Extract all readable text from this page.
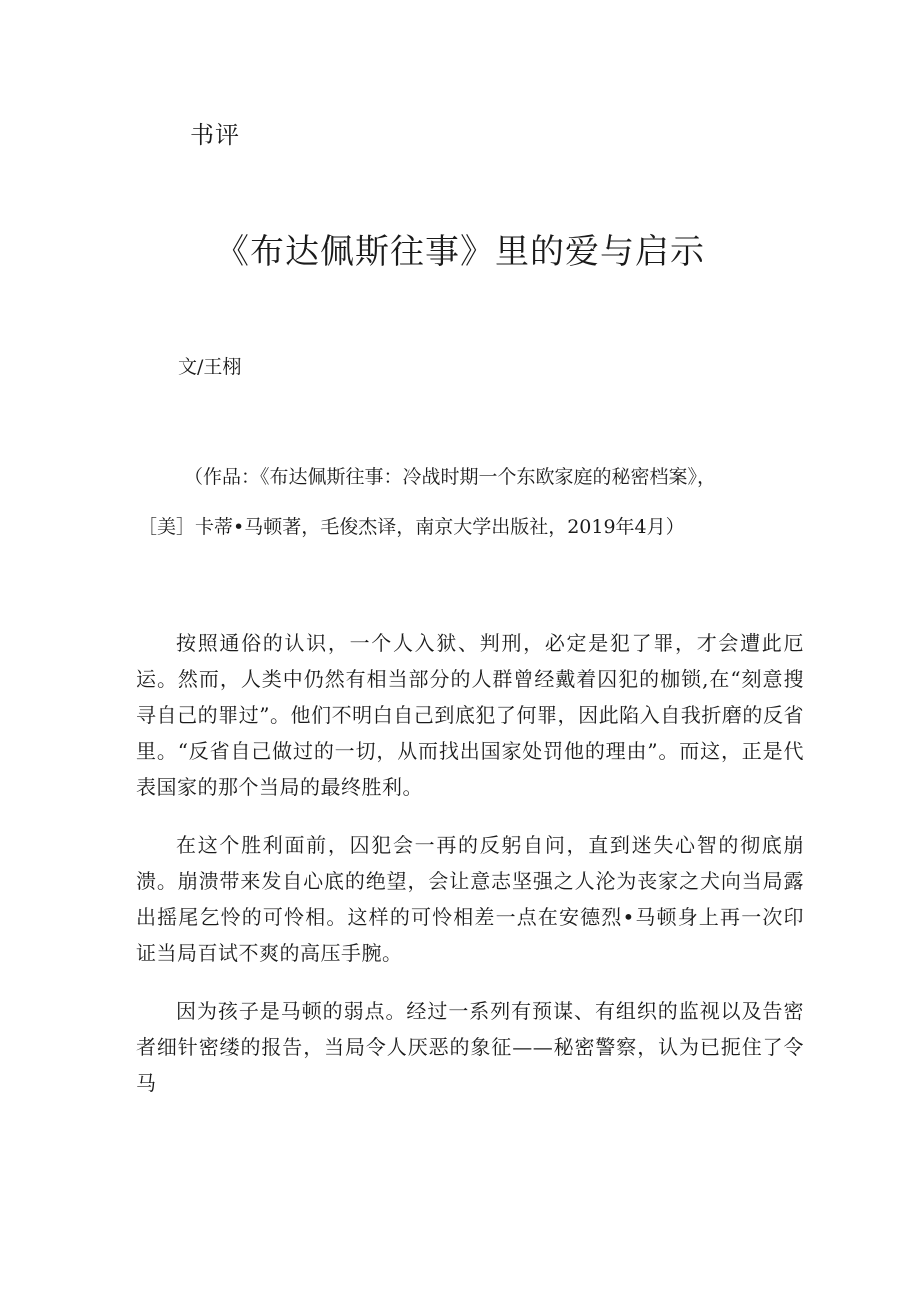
书评
《布达佩斯往事》里的爱与启示
文/王栩
（作品：《布达佩斯往事：冷战时期一个东欧家庭的秘密档案》，
［美］卡蒂•马顿著，毛俊杰译，南京大学出版社，2019年4月）

按照通俗的认识，一个人入狱、判刑，必定是犯了罪，才会遭此厄运。然而，人类中仍然有相当部分的人群曾经戴着囚犯的枷锁,在“刻意搜寻自己的罪过”。他们不明白自己到底犯了何罪，因此陷入自我折磨的反省里。“反省自己做过的一切，从而找出国家处罚他的理由”。而这，正是代表国家的那个当局的最终胜利。

在这个胜利面前，囚犯会一再的反躬自问，直到迷失心智的彻底崩溃。崩溃带来发自心底的绝望，会让意志坚强之人沦为丧家之犬向当局露出摇尾乞怜的可怜相。这样的可怜相差一点在安德烈•马顿身上再一次印证当局百试不爽的高压手腕。

因为孩子是马顿的弱点。经过一系列有预谋、有组织的监视以及告密者细针密缕的报告，当局令人厌恶的象征——秘密警察，认为已扼住了令马
